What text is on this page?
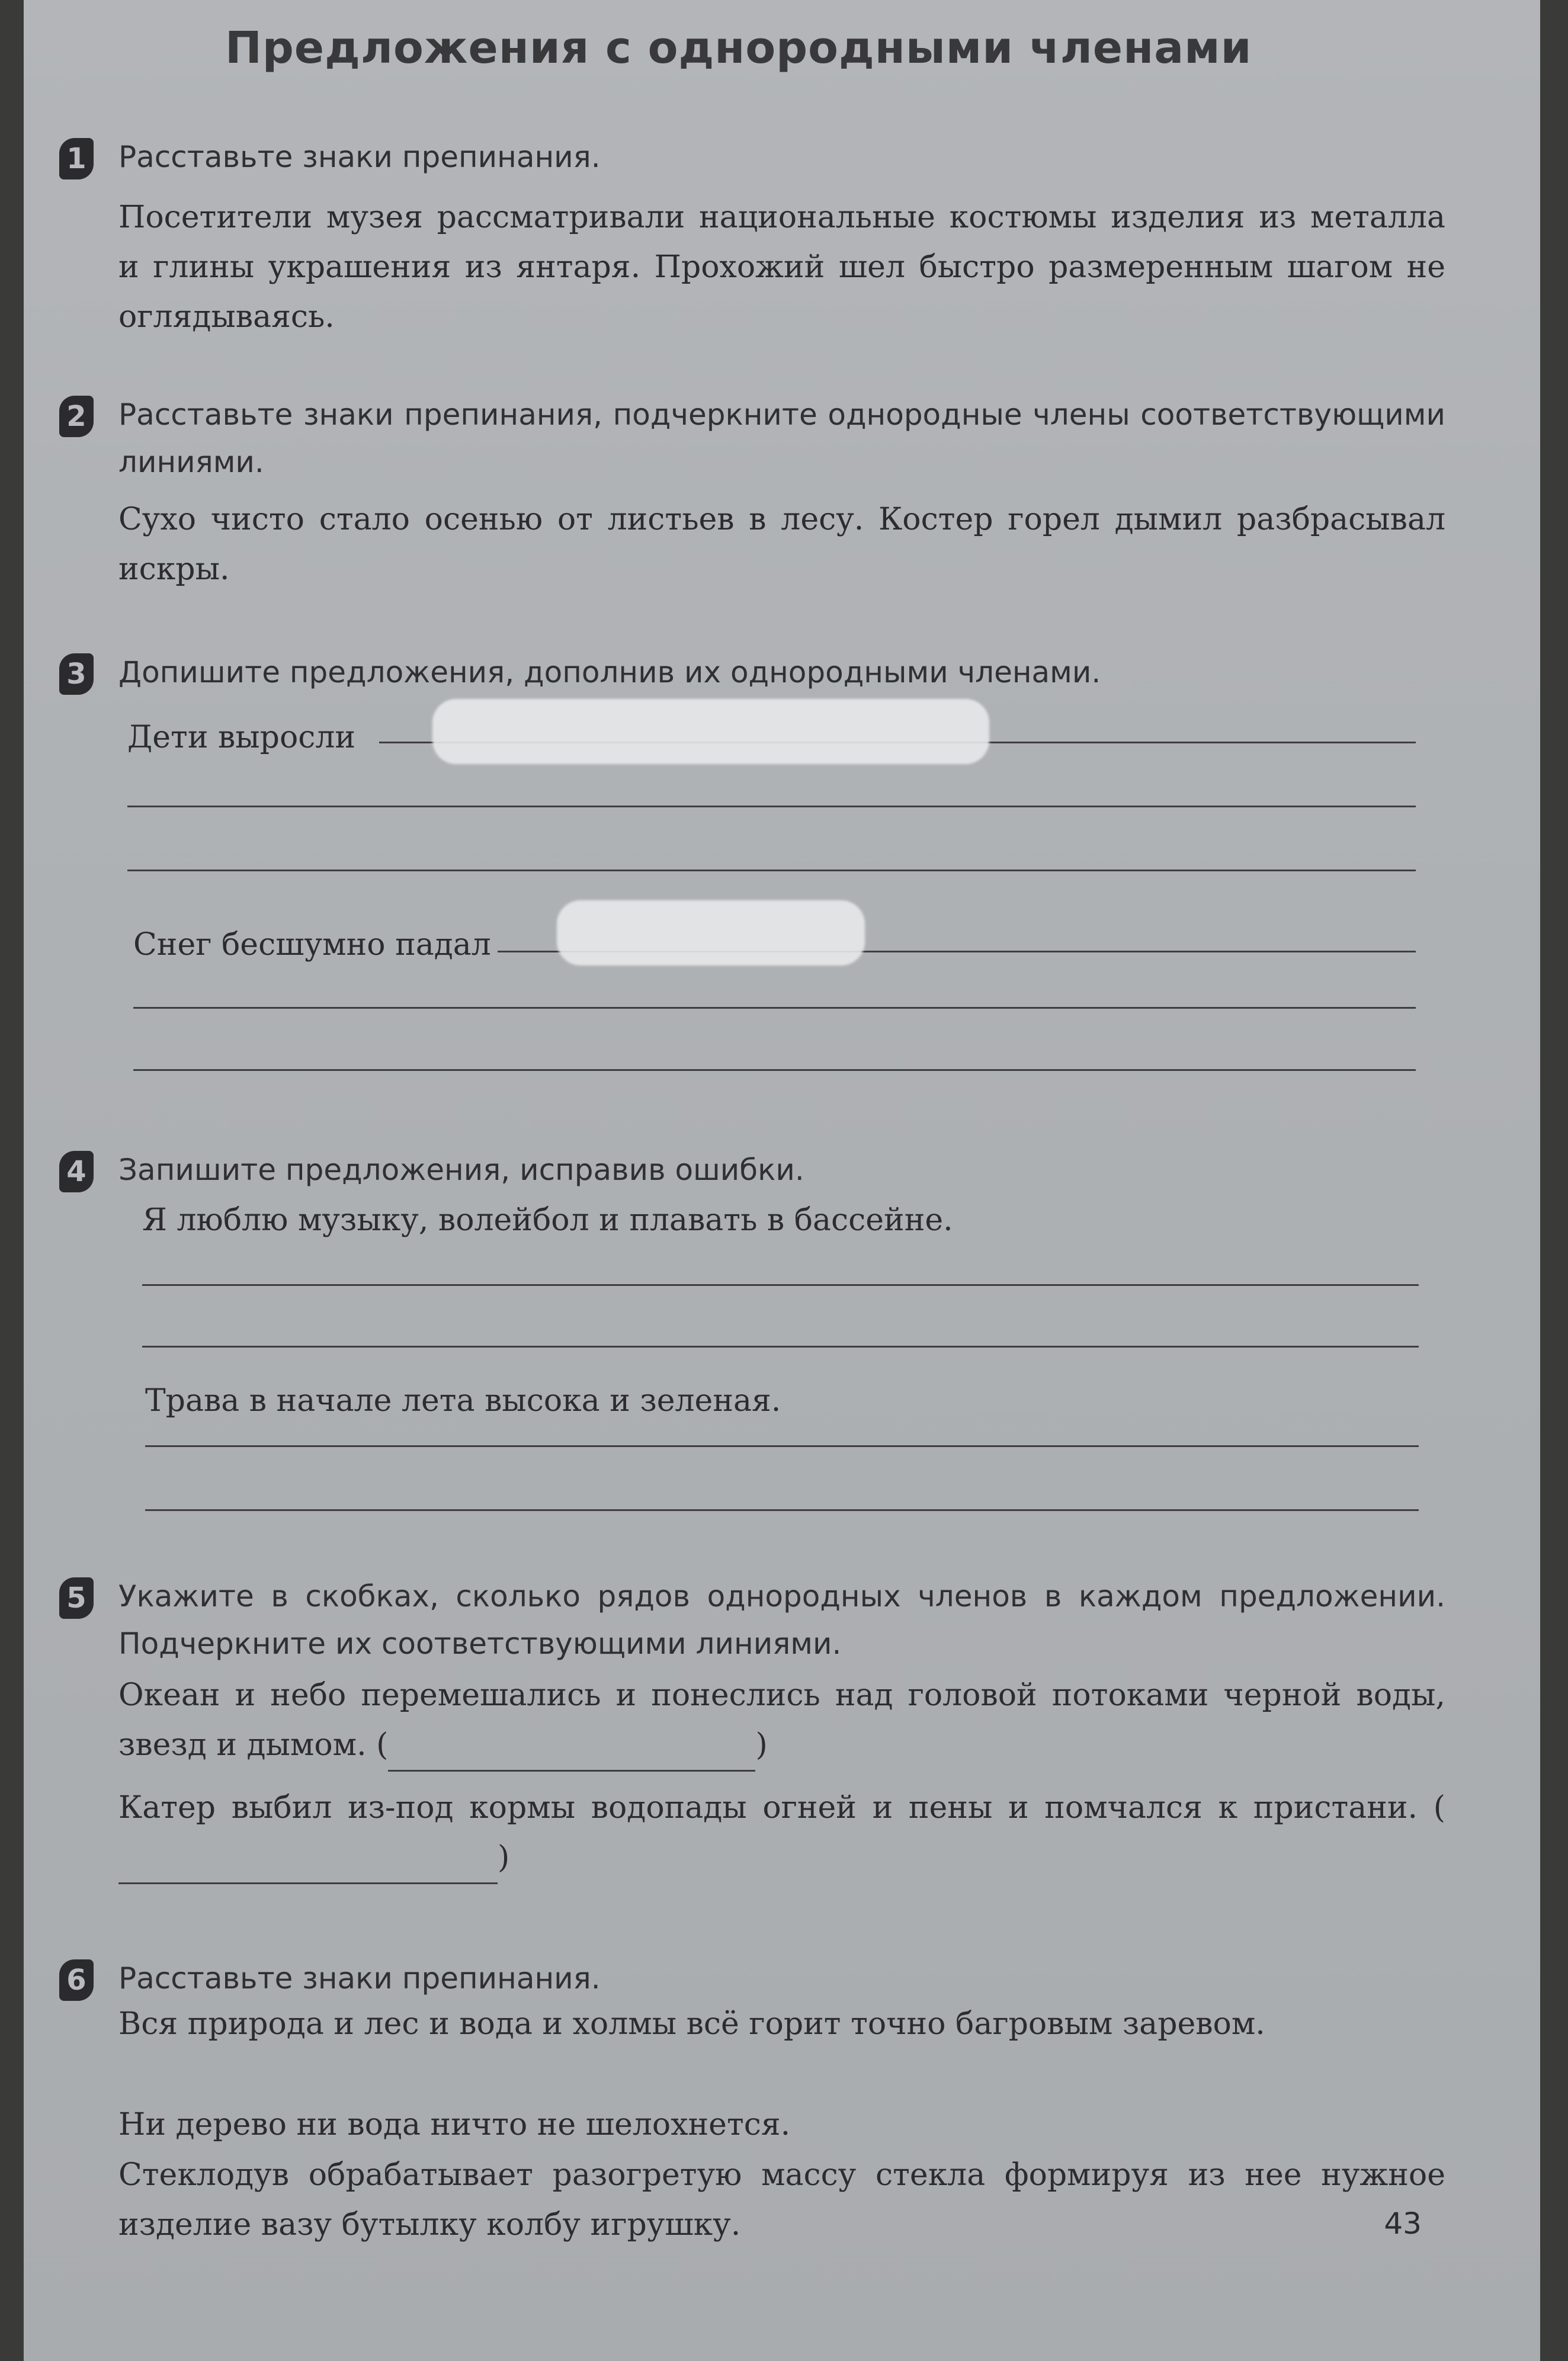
Предложения с однородными членами
1 Расставьте знаки препинания.
Посетители музея рассматривали национальные костюмы изделия из металла и глины украшения из янтаря. Прохожий шел быстро размеренным шагом не оглядываясь.
2 Расставьте знаки препинания, подчеркните однородные члены соответствующими линиями.
Сухо чисто стало осенью от листьев в лесу. Костер горел дымил разбрасывал искры.
3 Допишите предложения, дополнив их однородными членами.
Дети выросли
Снег бесшумно падал
4 Запишите предложения, исправив ошибки.
Я люблю музыку, волейбол и плавать в бассейне.
Трава в начале лета высока и зеленая.
5 Укажите в скобках, сколько рядов однородных членов в каждом предложении. Подчеркните их соответствующими линиями.
Океан и небо перемешались и понеслись над головой потоками черной воды, звезд и дымом. (	)
Катер выбил из-под кормы водопады огней и пены и помчался к пристани. ()
6 Расставьте знаки препинания.
Вся природа и лес и вода и холмы всё горит точно багровым заревом.
Ни дерево ни вода ничто не шелохнется.
Стеклодув обрабатывает разогретую массу стекла формируя из нее нужное изделие вазу бутылку колбу игрушку.	43
